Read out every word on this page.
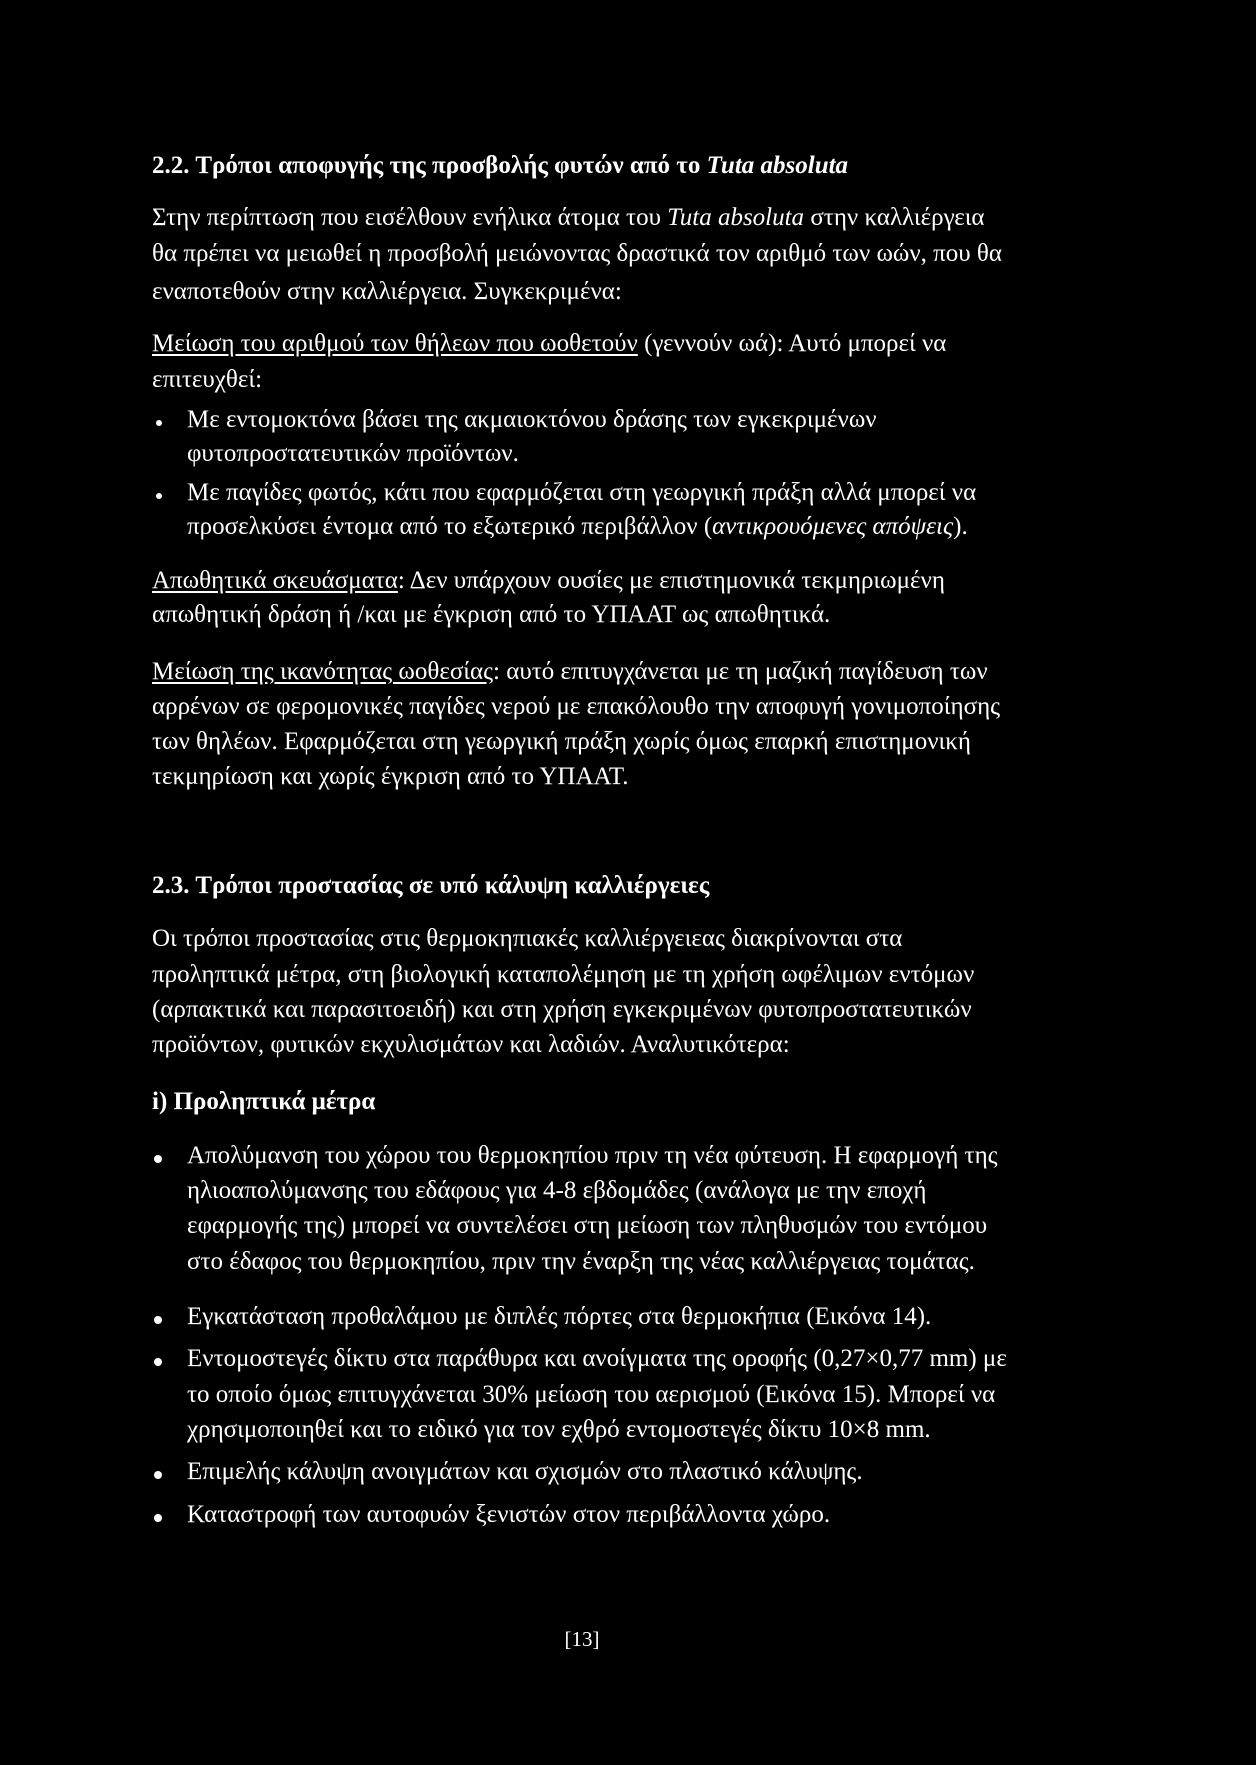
2.2. Τρόποι αποφυγής της προσβολής φυτών από το Tuta absoluta
Στην περίπτωση που εισέλθουν ενήλικα άτομα του Tuta absoluta στην καλλιέργεια
θα πρέπει να μειωθεί η προσβολή μειώνοντας δραστικά τον αριθμό των ωών, που θα
εναποτεθούν στην καλλιέργεια. Συγκεκριμένα:
Μείωση του αριθμού των θήλεων που ωοθετούν (γεννούν ωά): Αυτό μπορεί να
επιτευχθεί:
Με εντομοκτόνα βάσει της ακμαιοκτόνου δράσης των εγκεκριμένων
φυτοπροστατευτικών προϊόντων.
Με παγίδες φωτός, κάτι που εφαρμόζεται στη γεωργική πράξη αλλά μπορεί να
προσελκύσει έντομα από το εξωτερικό περιβάλλον (αντικρουόμενες απόψεις).
Απωθητικά σκευάσματα: Δεν υπάρχουν ουσίες με επιστημονικά τεκμηριωμένη
απωθητική δράση ή /και με έγκριση από το ΥΠΑΑΤ ως απωθητικά.
Μείωση της ικανότητας ωοθεσίας: αυτό επιτυγχάνεται με τη μαζική παγίδευση των
αρρένων σε φερομονικές παγίδες νερού με επακόλουθο την αποφυγή γονιμοποίησης
των θηλέων. Εφαρμόζεται στη γεωργική πράξη χωρίς όμως επαρκή επιστημονική
τεκμηρίωση και χωρίς έγκριση από το ΥΠΑΑΤ.
2.3. Τρόποι προστασίας σε υπό κάλυψη καλλιέργειες
Οι τρόποι προστασίας στις θερμοκηπιακές καλλιέργειεας διακρίνονται στα
προληπτικά μέτρα, στη βιολογική καταπολέμηση με τη χρήση ωφέλιμων εντόμων
(αρπακτικά και παρασιτοειδή) και στη χρήση εγκεκριμένων φυτοπροστατευτικών
προϊόντων, φυτικών εκχυλισμάτων και λαδιών. Αναλυτικότερα:
i) Προληπτικά μέτρα
Απολύμανση του χώρου του θερμοκηπίου πριν τη νέα φύτευση. Η εφαρμογή της
ηλιοαπολύμανσης του εδάφους για 4-8 εβδομάδες (ανάλογα με την εποχή
εφαρμογής της) μπορεί να συντελέσει στη μείωση των πληθυσμών του εντόμου
στο έδαφος του θερμοκηπίου, πριν την έναρξη της νέας καλλιέργειας τομάτας.
Εγκατάσταση προθαλάμου με διπλές πόρτες στα θερμοκήπια (Εικόνα 14).
Εντομοστεγές δίκτυ στα παράθυρα και ανοίγματα της οροφής (0,27×0,77 mm) με
το οποίο όμως επιτυγχάνεται 30% μείωση του αερισμού (Εικόνα 15). Μπορεί να
χρησιμοποιηθεί και το ειδικό για τον εχθρό εντομοστεγές δίκτυ 10×8 mm.
Επιμελής κάλυψη ανοιγμάτων και σχισμών στο πλαστικό κάλυψης.
Καταστροφή των αυτοφυών ξενιστών στον περιβάλλοντα χώρο.
[13]
